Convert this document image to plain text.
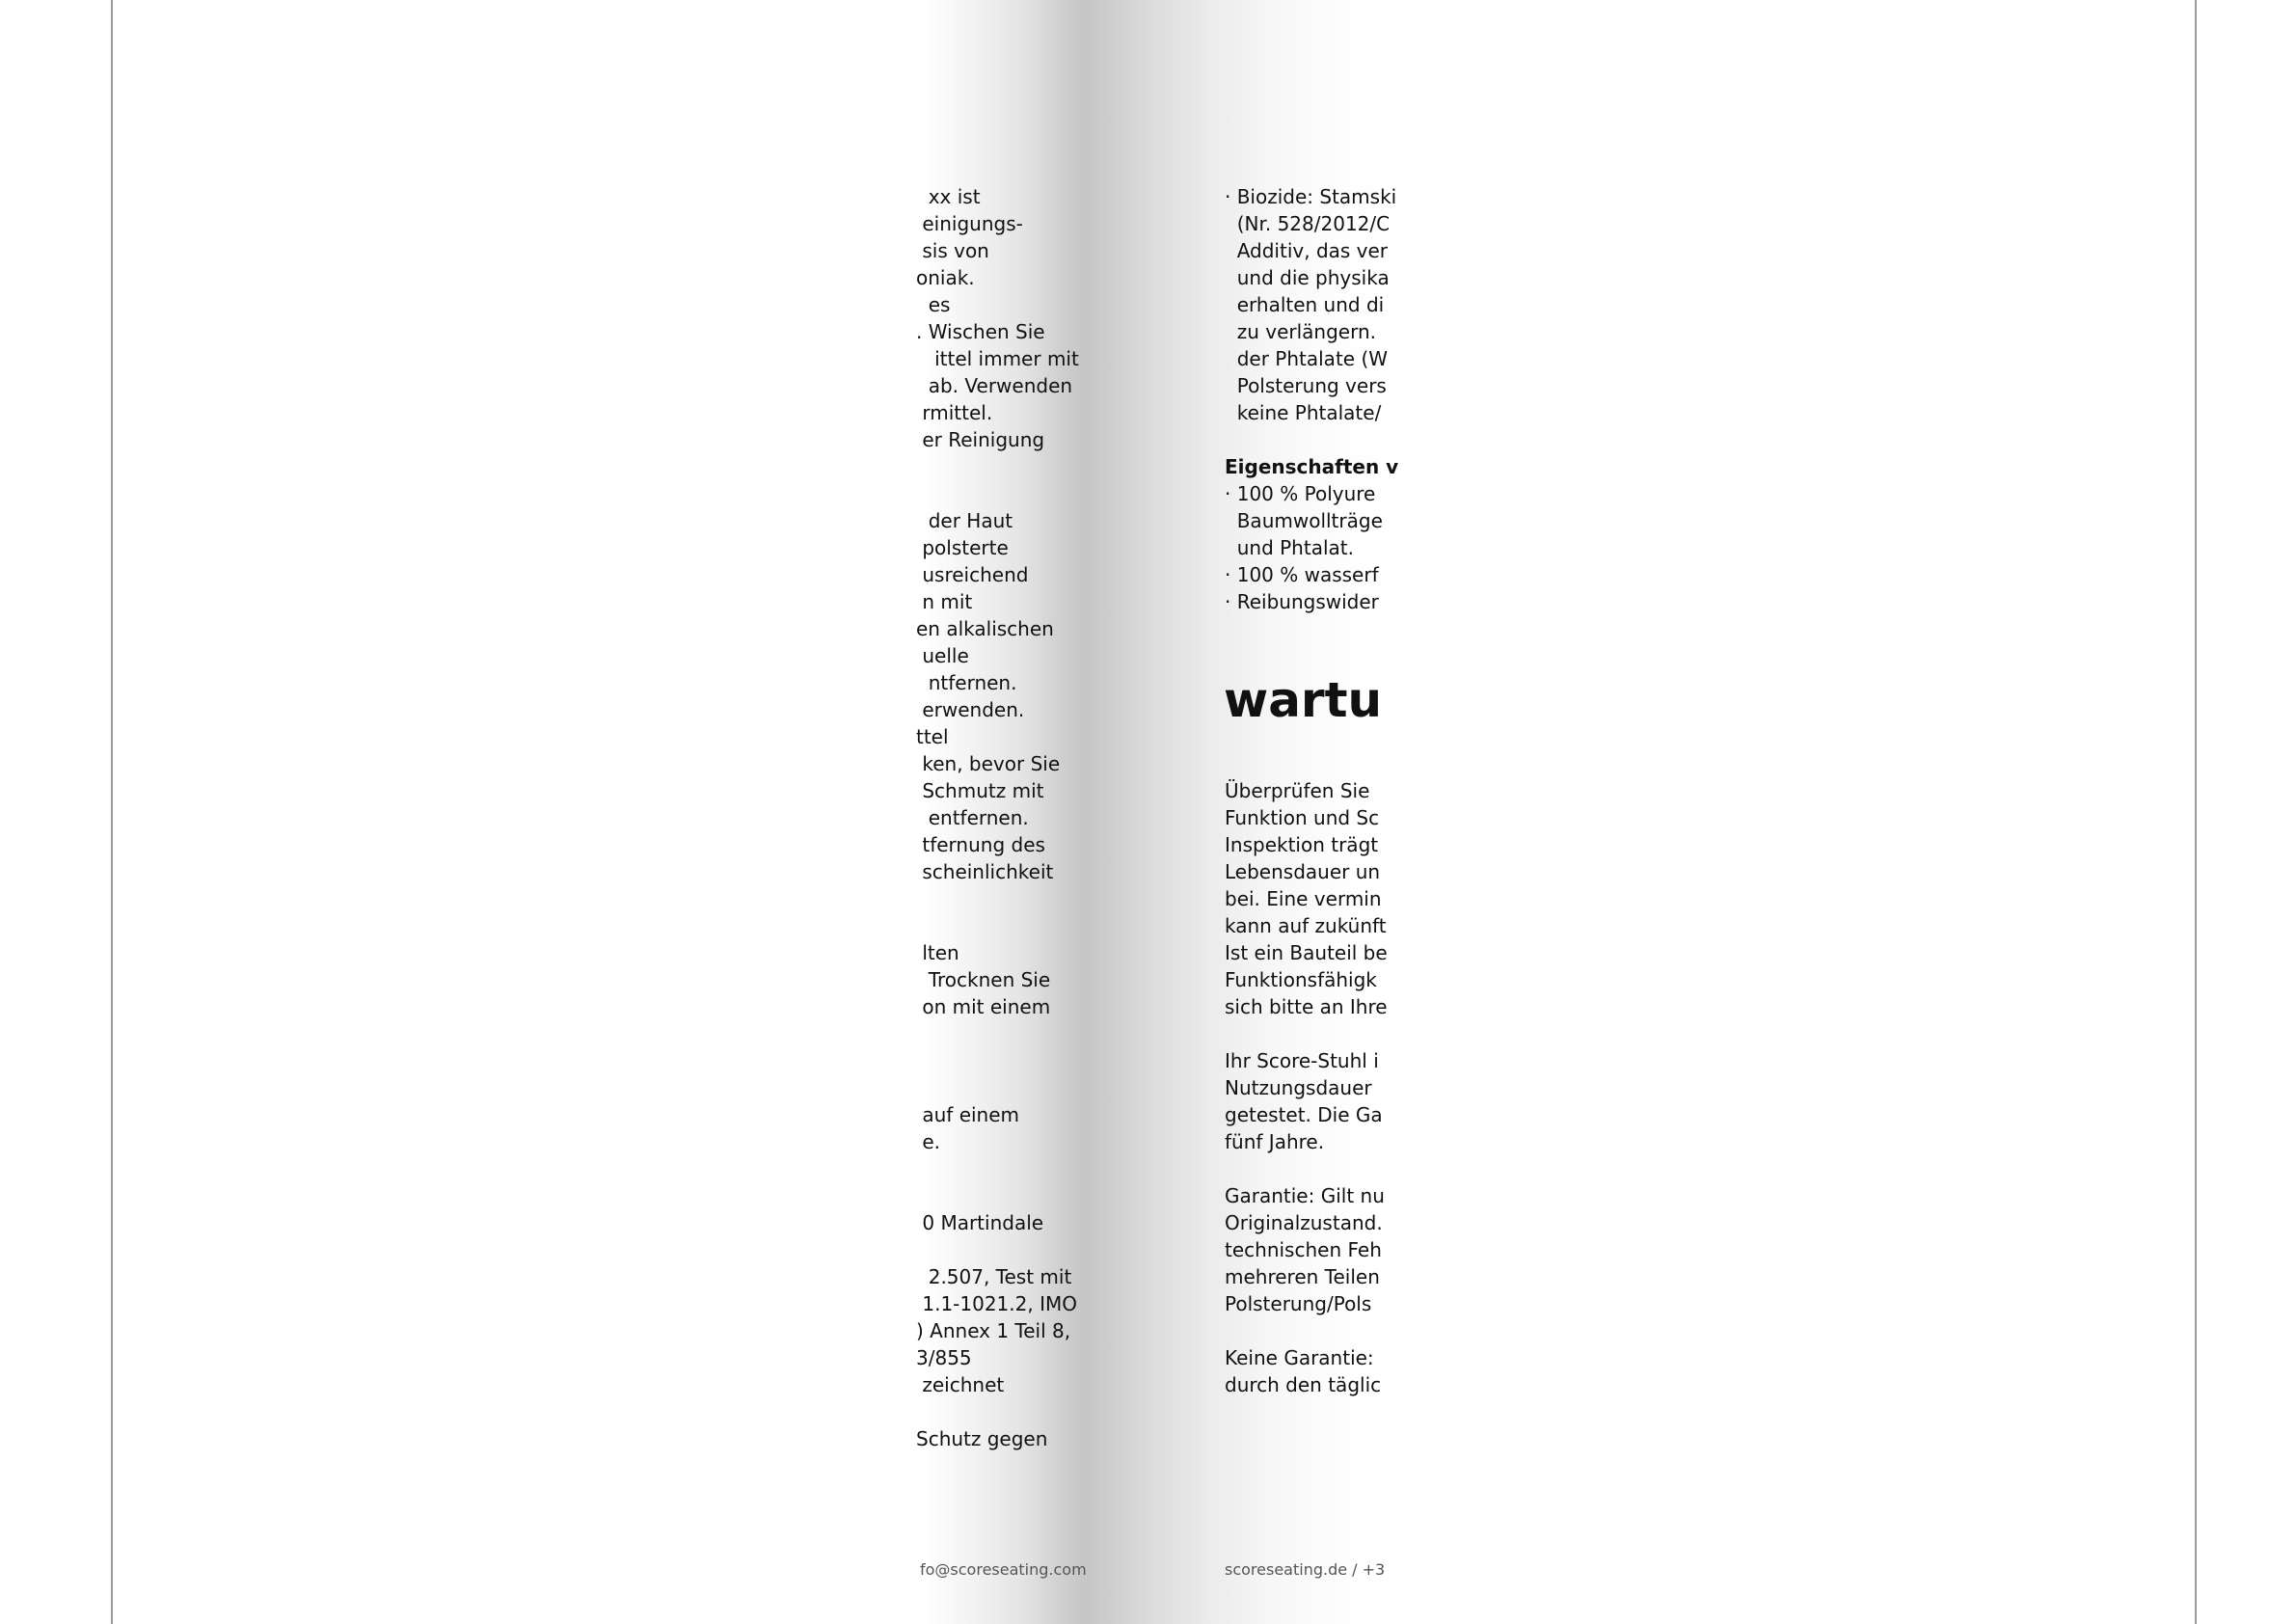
xx ist
einigungs-
sis von
oniak.
es
. Wischen Sie
ittel immer mit
ab. Verwenden
rmittel.
er Reinigung
der Haut
polsterte
usreichend
n mit
en alkalischen
uelle
ntfernen.
erwenden.
ttel
ken, bevor Sie
Schmutz mit
entfernen.
tfernung des
scheinlichkeit
lten
Trocknen Sie
on mit einem
auf einem
e.
0 Martindale
2.507, Test mit
1.1-1021.2, IMO
) Annex 1 Teil 8,
3/855
zeichnet
Schutz gegen
· Biozide: Stamski
(Nr. 528/2012/C
Additiv, das ver
und die physika
erhalten und di
zu verlängern.
der Phtalate (W
Polsterung vers
keine Phtalate/
Eigenschaften v
· 100 % Polyure
Baumwollträge
und Phtalat.
· 100 % wasserf
· Reibungswider
Überprüfen Sie
Funktion und Sc
Inspektion trägt
Lebensdauer un
bei. Eine vermin
kann auf zukünft
Ist ein Bauteil be
Funktionsfähigk
sich bitte an Ihre
Ihr Score-Stuhl i
Nutzungsdauer
getestet. Die Ga
fünf Jahre.
Garantie: Gilt nu
Originalzustand.
technischen Feh
mehreren Teilen
Polsterung/Pols
Keine Garantie:
durch den täglic
wartu
fo@scoreseating.com	scoreseating.de / +3
